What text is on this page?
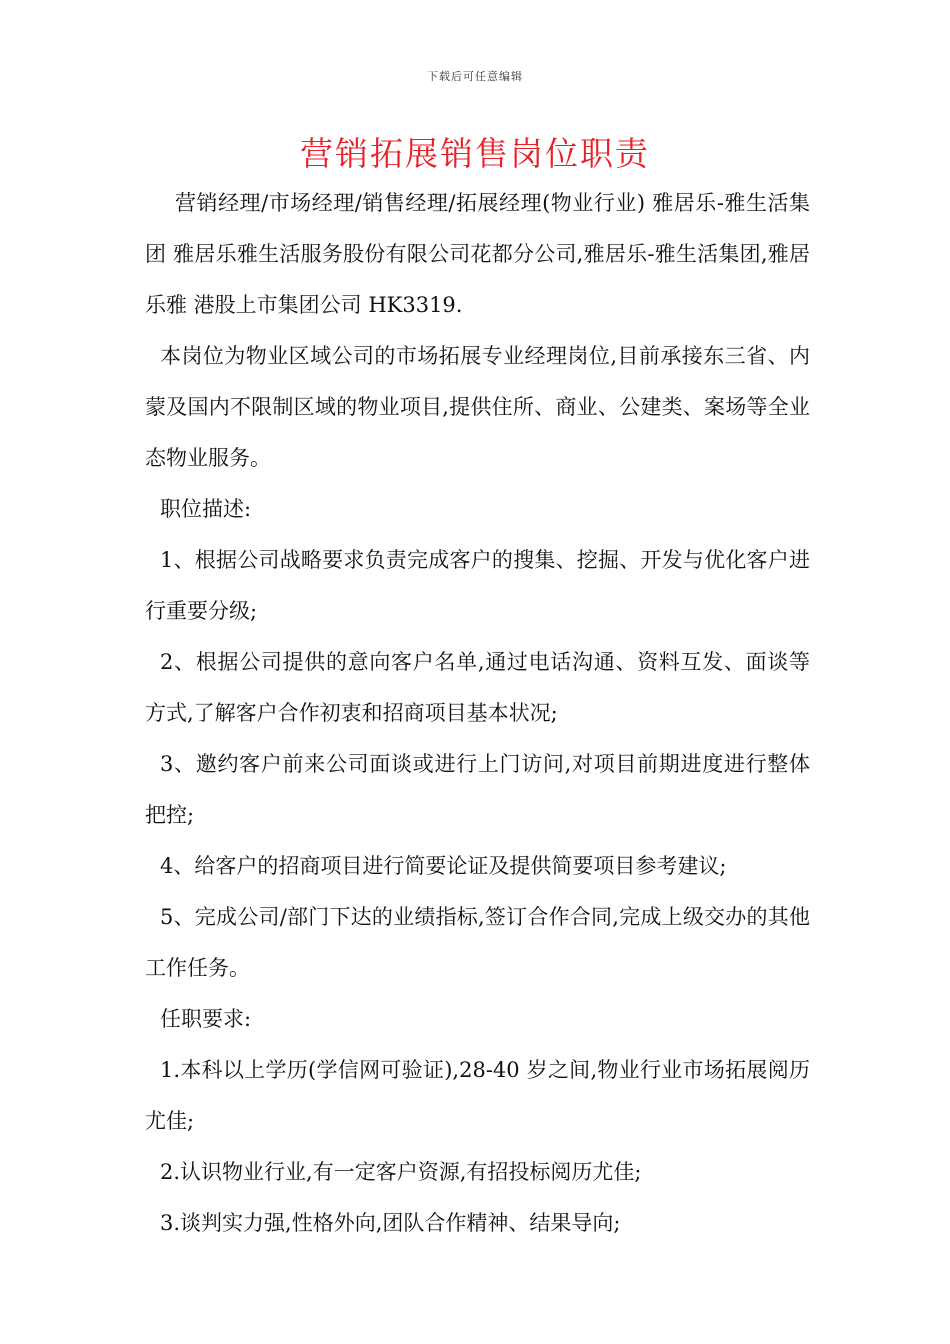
下载后可任意编辑
营销拓展销售岗位职责

营销经理/市场经理/销售经理/拓展经理(物业行业) 雅居乐-雅生活集团 雅居乐雅生活服务股份有限公司花都分公司,雅居乐-雅生活集团,雅居乐雅 港股上市集团公司 HK3319.

本岗位为物业区域公司的市场拓展专业经理岗位,目前承接东三省、内蒙及国内不限制区域的物业项目,提供住所、商业、公建类、案场等全业态物业服务。

职位描述:

1、根据公司战略要求负责完成客户的搜集、挖掘、开发与优化客户进行重要分级;

2、根据公司提供的意向客户名单,通过电话沟通、资料互发、面谈等方式,了解客户合作初衷和招商项目基本状况;

3、邀约客户前来公司面谈或进行上门访问,对项目前期进度进行整体把控;

4、给客户的招商项目进行简要论证及提供简要项目参考建议;

5、完成公司/部门下达的业绩指标,签订合作合同,完成上级交办的其他工作任务。

任职要求:

1.本科以上学历(学信网可验证),28-40 岁之间,物业行业市场拓展阅历尤佳;

2.认识物业行业,有一定客户资源,有招投标阅历尤佳;

3.谈判实力强,性格外向,团队合作精神、结果导向;
